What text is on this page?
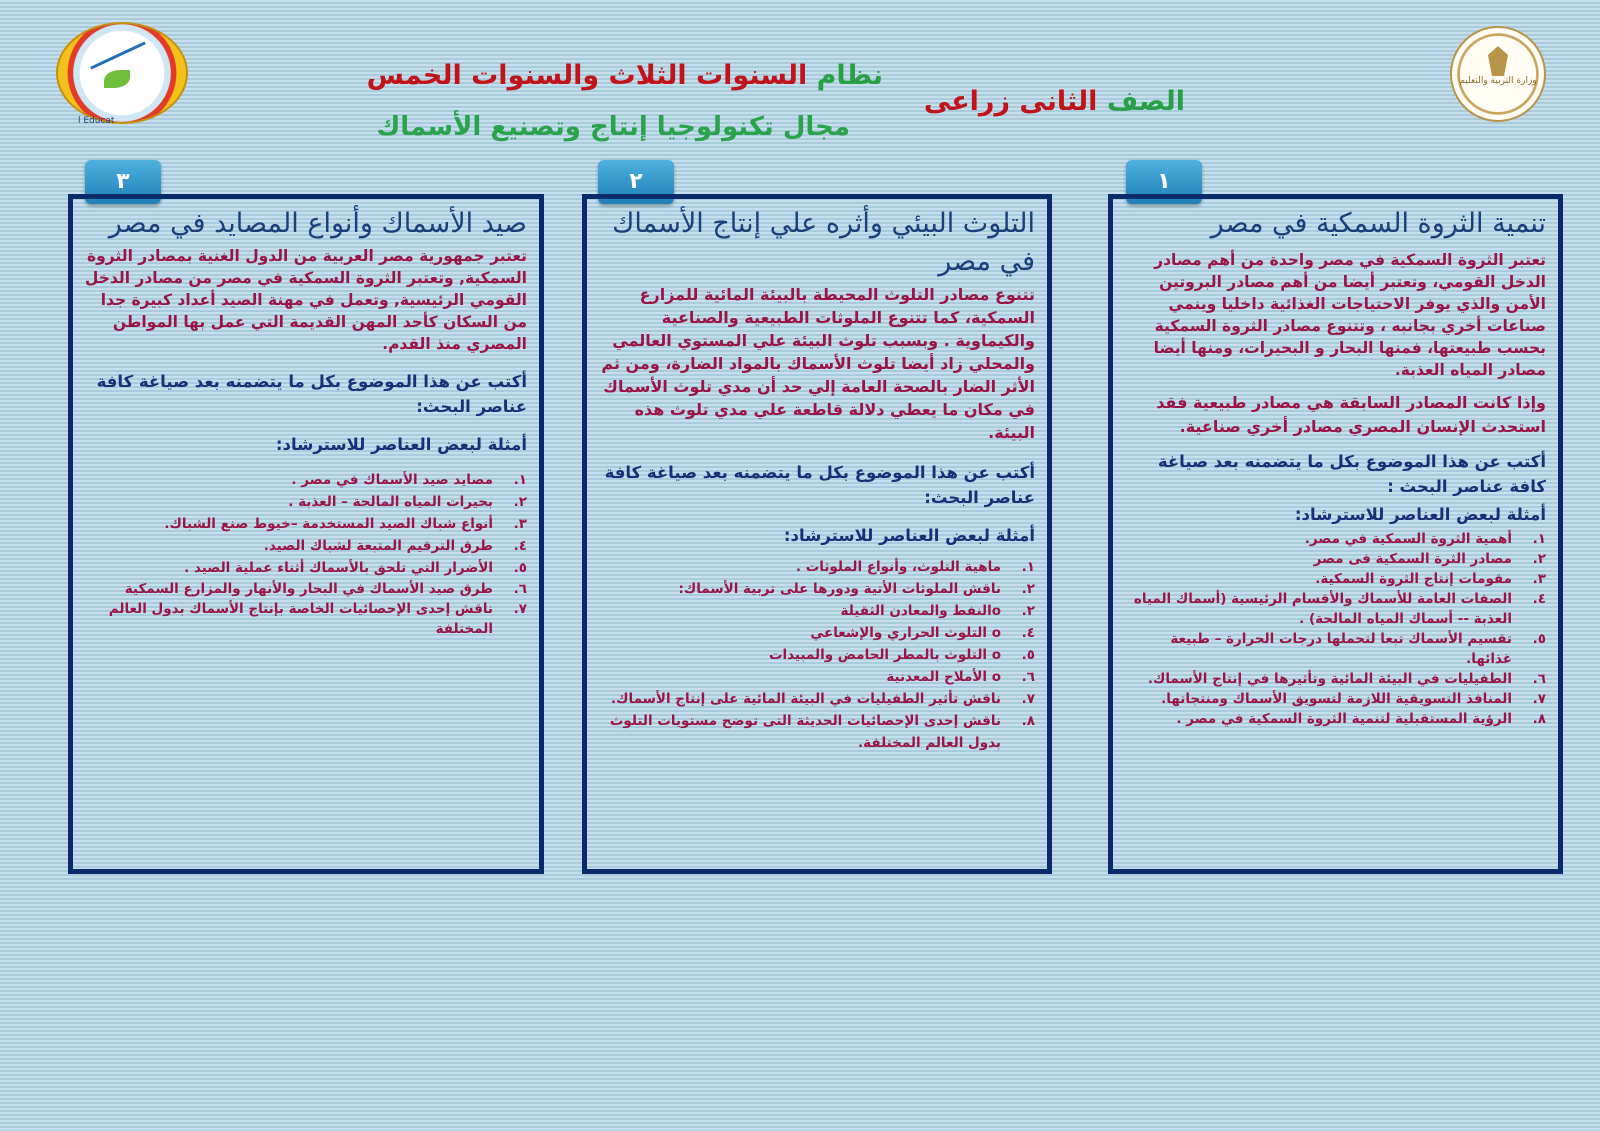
l Educat
وزارة التربية والتعليم
نظام السنوات الثلاث والسنوات الخمس
مجال تكنولوجيا إنتاج وتصنيع الأسماك
الصف الثانى زراعى
١
٢
٣
تنمية الثروة السمكية في مصر
تعتبر الثروة السمكية في مصر واحدة من أهم مصادر الدخل القومي، وتعتبر أيضا من أهم مصادر البروتين الأمن والذي يوفر الاحتياجات الغذائية داخليا وينمي صناعات أخري بجانبه ، وتتنوع مصادر الثروة السمكية بحسب طبيعتها، فمنها البحار و البحيرات، ومنها أيضا مصادر المياه العذبة.
وإذا كانت المصادر السابقة هي مصادر طبيعية فقد استحدث الإنسان المصري مصادر أخري صناعية.
أكتب عن هذا الموضوع بكل ما يتضمنه بعد صياغة كافة عناصر البحث :
أمثلة لبعض العناصر للاسترشاد:
١.
أهمية الثروة السمكية في مصر.
٢.
مصادر الثرة السمكية فى مصر
٣.
مقومات إنتاج الثروة السمكية.
٤.
الصفات العامة للأسماك والأقسام الرئيسية (أسماك المياه العذبة -- أسماك المياه المالحة) .
٥.
تقسيم الأسماك تبعا لتحملها درجات الحرارة – طبيعة غذائها.
٦.
الطفيليات في البيئة المائية وتأثيرها في إنتاج الأسماك.
٧.
المنافذ التسويقية اللازمة لتسويق الأسماك ومنتجاتها.
٨.
الرؤية المستقبلية لتنمية الثروة السمكية في مصر .
التلوث البيئي وأثره علي إنتاج الأسماك في مصر
تتنوع مصادر التلوث المحيطة بالبيئة المائية للمزارع السمكية، كما تتنوع الملوثات الطبيعية والصناعية والكيماوية . وبسبب تلوث البيئة علي المستوي العالمي والمحلي زاد أيضا تلوث الأسماك بالمواد الضارة، ومن ثم الأثر الضار بالصحة العامة إلي حد أن مدي تلوث الأسماك في مكان ما يعطي دلالة قاطعة علي مدي تلوث هذه البيئة.
أكتب عن هذا الموضوع بكل ما يتضمنه بعد صياغة كافة عناصر البحث:
أمثلة لبعض العناصر للاسترشاد:
١.
ماهية التلوث، وأنواع الملوثات .
٢.
ناقش الملوثات الأتية ودورها على تربية الأسماك:
٢.
oالنفط والمعادن الثقيلة
٤.
o التلوث الحراري والإشعاعي
٥.
o التلوث بالمطر الحامض والمبيدات
٦.
o الأملاح المعدنية
٧.
ناقش تأثير الطفيليات في البيئة المائية على إنتاج الأسماك.
٨.
ناقش إحدى الإحصائيات الحديثة التى توضح مستويات التلوث بدول العالم المختلفة.
صيد الأسماك وأنواع المصايد في مصر
تعتبر جمهورية مصر العربية من الدول الغنية بمصادر الثروة السمكية, وتعتبر الثروة السمكية في مصر من مصادر الدخل القومي الرئيسية, وتعمل في مهنة الصيد أعداد كبيرة جدا من السكان كأحد المهن القديمة التي عمل بها المواطن المصري منذ القدم.
أكتب عن هذا الموضوع بكل ما يتضمنه بعد صياغة كافة عناصر البحث:
أمثلة لبعض العناصر للاسترشاد:
١.
مصايد صيد الأسماك في مصر .
٢.
بحيرات المياه المالحة – العذبة .
٣.
أنواع شباك الصيد المستخدمة –خيوط صنع الشباك.
٤.
طرق الترقيم المتبعة لشباك الصيد.
٥.
الأضرار التي تلحق بالأسماك أثناء عملية الصيد .
٦.
طرق صيد الأسماك في البحار والأنهار والمزارع السمكية
٧.
ناقش إحدى الإحصائيات الخاصة بإنتاج الأسماك بدول العالم المختلفة
